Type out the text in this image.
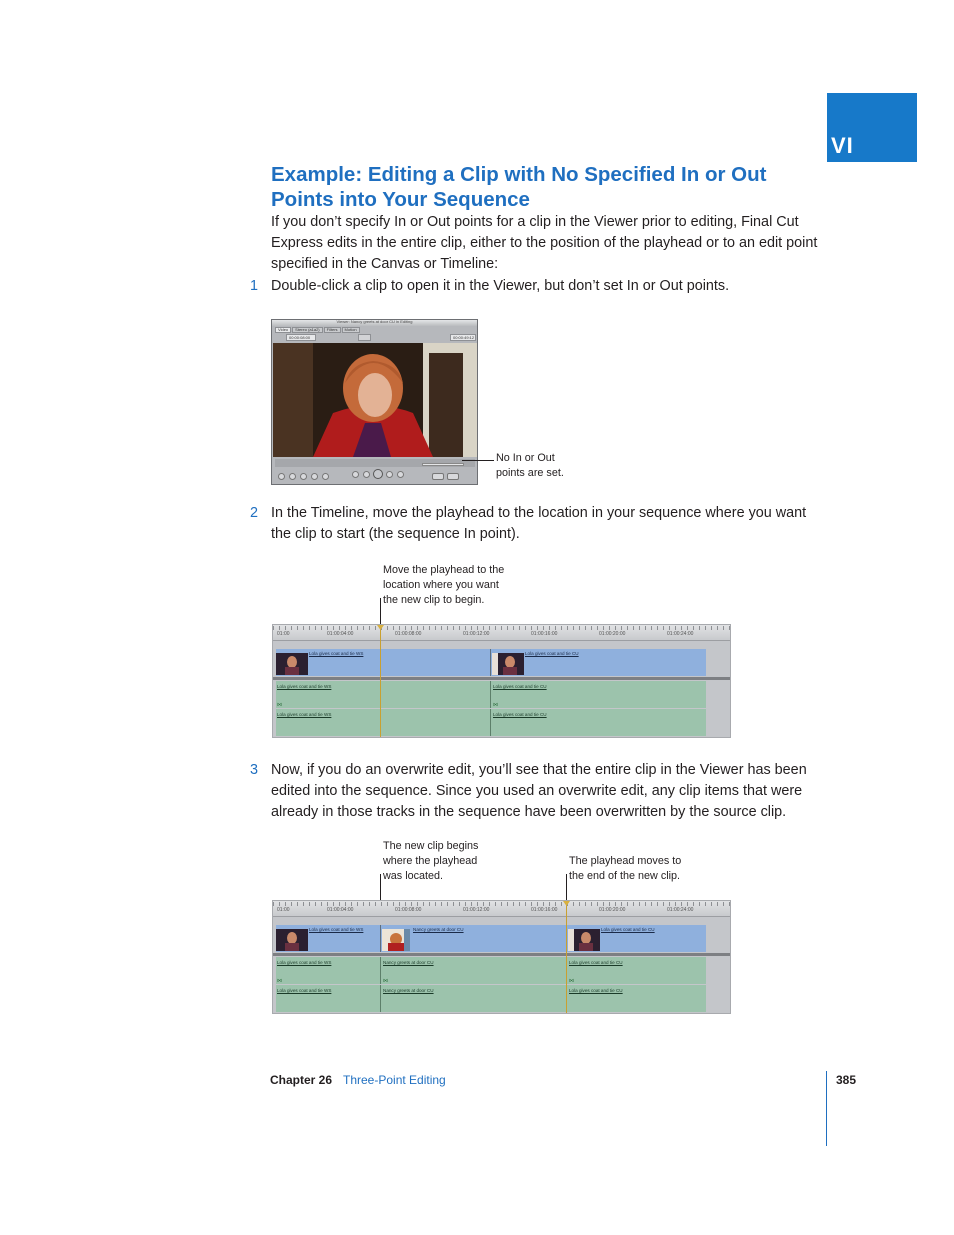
VI
Example: Editing a Clip with No Specified In or Out Points into Your Sequence

If you don’t specify In or Out points for a clip in the Viewer prior to editing, Final Cut Express edits in the entire clip, either to the position of the playhead or to an edit point specified in the Canvas or Timeline:

1 Double-click a clip to open it in the Viewer, but don’t set In or Out points.

Viewer: Nancy greets at door CU in Editing
Video	Stereo (a1a2)	Filters	Motion
00:00:08:00	00:00:49:12
No In or Out
points are set.
2 In the Timeline, move the playhead to the location in your sequence where you want the clip to start (the sequence In point).

Move the playhead to the
location where you want
the new clip to begin.
01:00	01:00:04:00	01:00:08:00	01:00:12:00	01:00:16:00	01:00:20:00	01:00:24:00
Lola gives coat and tie WS	Lola gives coat and tie CU
Lola gives coat and tie WS	Lola gives coat and tie CU
⋈	⋈
Lola gives coat and tie WS	Lola gives coat and tie CU
3 Now, if you do an overwrite edit, you’ll see that the entire clip in the Viewer has been edited into the sequence. Since you used an overwrite edit, any clip items that were already in those tracks in the sequence have been overwritten by the source clip.

The new clip begins
where the playhead
was located.
The playhead moves to
the end of the new clip.
01:00	01:00:04:00	01:00:08:00	01:00:12:00	01:00:16:00	01:00:20:00	01:00:24:00
Lola gives coat and tie WS	Nancy greets at door CU	Lola gives coat and tie CU
Lola gives coat and tie WS	Nancy greets at door CU	Lola gives coat and tie CU
⋈	⋈	⋈
Lola gives coat and tie WS	Nancy greets at door CU	Lola gives coat and tie CU
Chapter 26 Three-Point Editing	385
